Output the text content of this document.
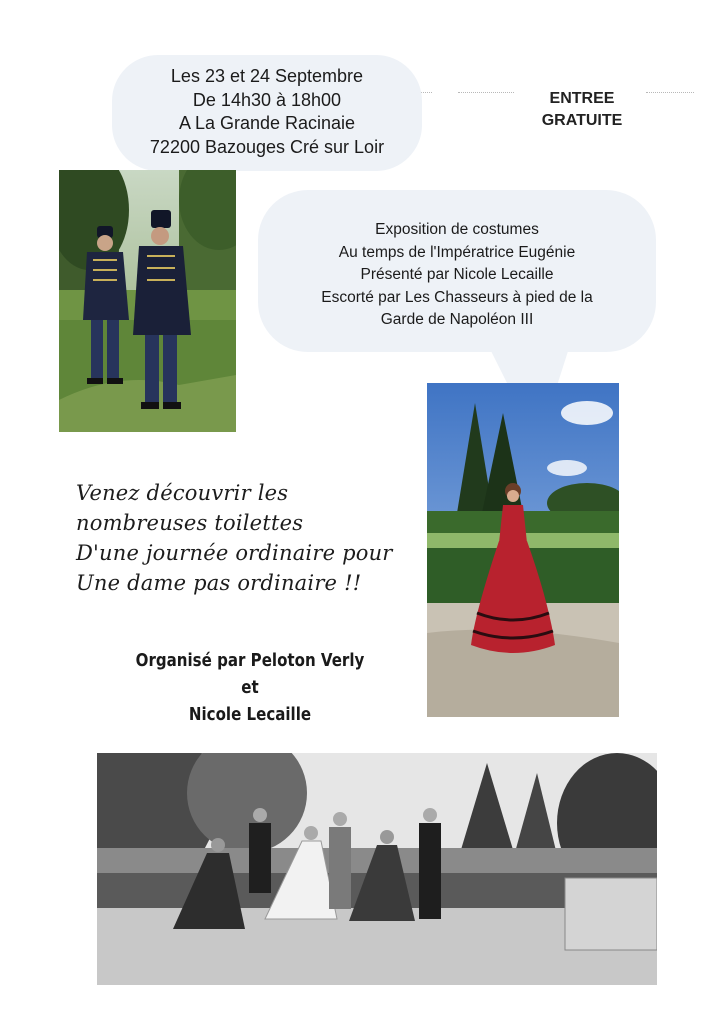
Les 23 et 24 Septembre
De 14h30 à 18h00
A La Grande Racinaie
72200 Bazouges Cré sur Loir
ENTREE
GRATUITE
Exposition de costumes
Au temps de l'Impératrice Eugénie
Présenté par Nicole Lecaille
Escorté par Les Chasseurs à pied de la
Garde de Napoléon III
Venez découvrir les
nombreuses toilettes
D'une journée ordinaire pour
Une dame pas ordinaire !!
Organisé par Peloton Verly
et
Nicole Lecaille
